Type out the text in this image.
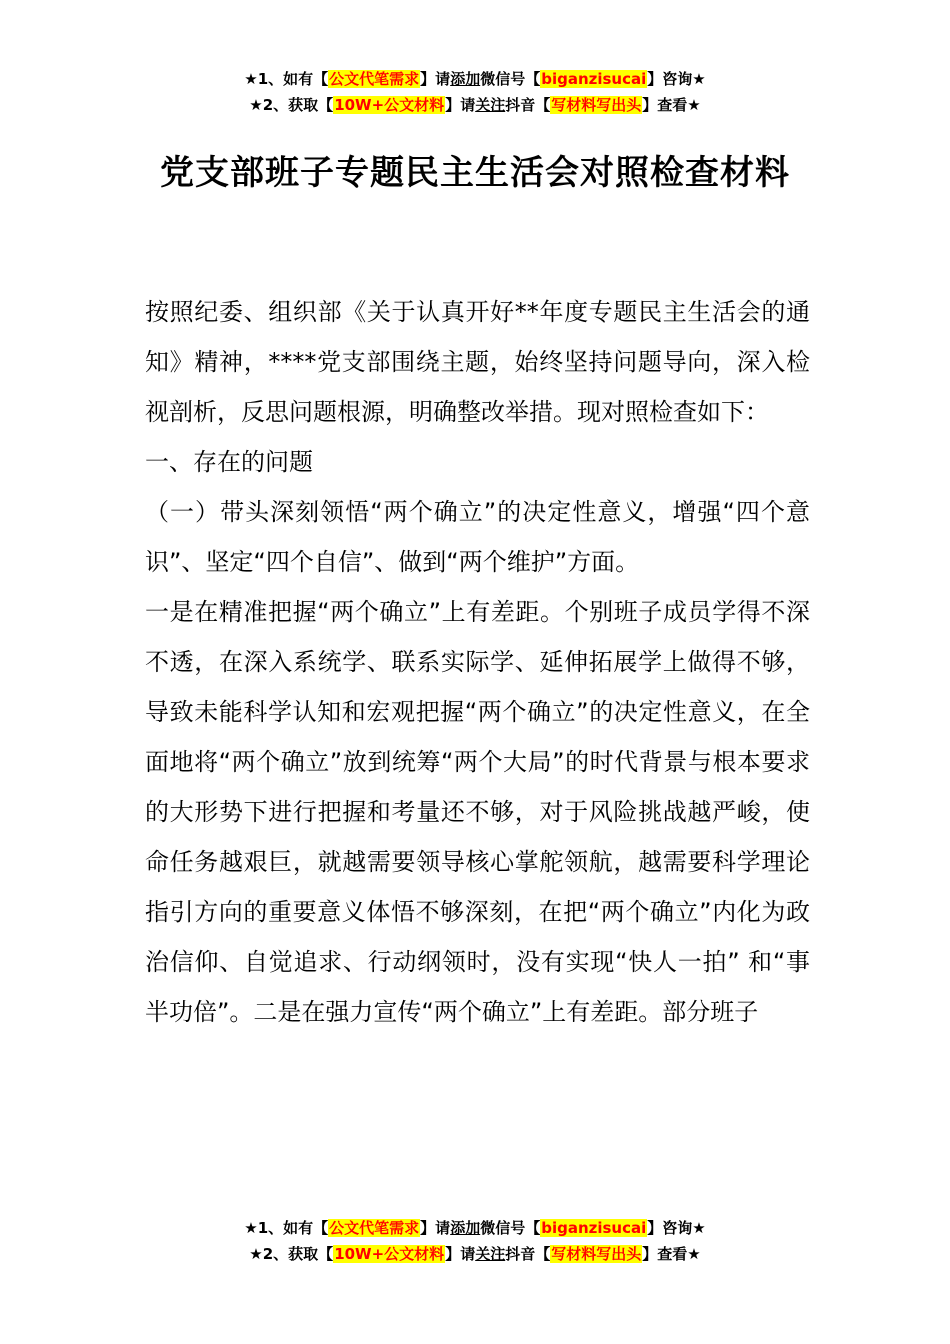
★1、如有【公文代笔需求】请添加微信号【biganzisucai】咨询★
★2、获取【10W+公文材料】请关注抖音【写材料写出头】查看★
党支部班子专题民主生活会对照检查材料

按照纪委、组织部《关于认真开好**年度专题民主生活会的通知》精神，****党支部围绕主题，始终坚持问题导向，深入检视剖析，反思问题根源，明确整改举措。现对照检查如下：

一、存在的问题

（一）带头深刻领悟“两个确立”的决定性意义，增强“四个意识”、坚定“四个自信”、做到“两个维护”方面。

一是在精准把握“两个确立”上有差距。个别班子成员学得不深不透，在深入系统学、联系实际学、延伸拓展学上做得不够，导致未能科学认知和宏观把握“两个确立”的决定性意义，在全面地将“两个确立”放到统筹“两个大局”的时代背景与根本要求的大形势下进行把握和考量还不够，对于风险挑战越严峻，使命任务越艰巨，就越需要领导核心掌舵领航，越需要科学理论指引方向的重要意义体悟不够深刻，在把“两个确立”内化为政治信仰、自觉追求、行动纲领时，没有实现“快人一拍” 和“事半功倍”。二是在强力宣传“两个确立”上有差距。部分班子

★1、如有【公文代笔需求】请添加微信号【biganzisucai】咨询★
★2、获取【10W+公文材料】请关注抖音【写材料写出头】查看★
